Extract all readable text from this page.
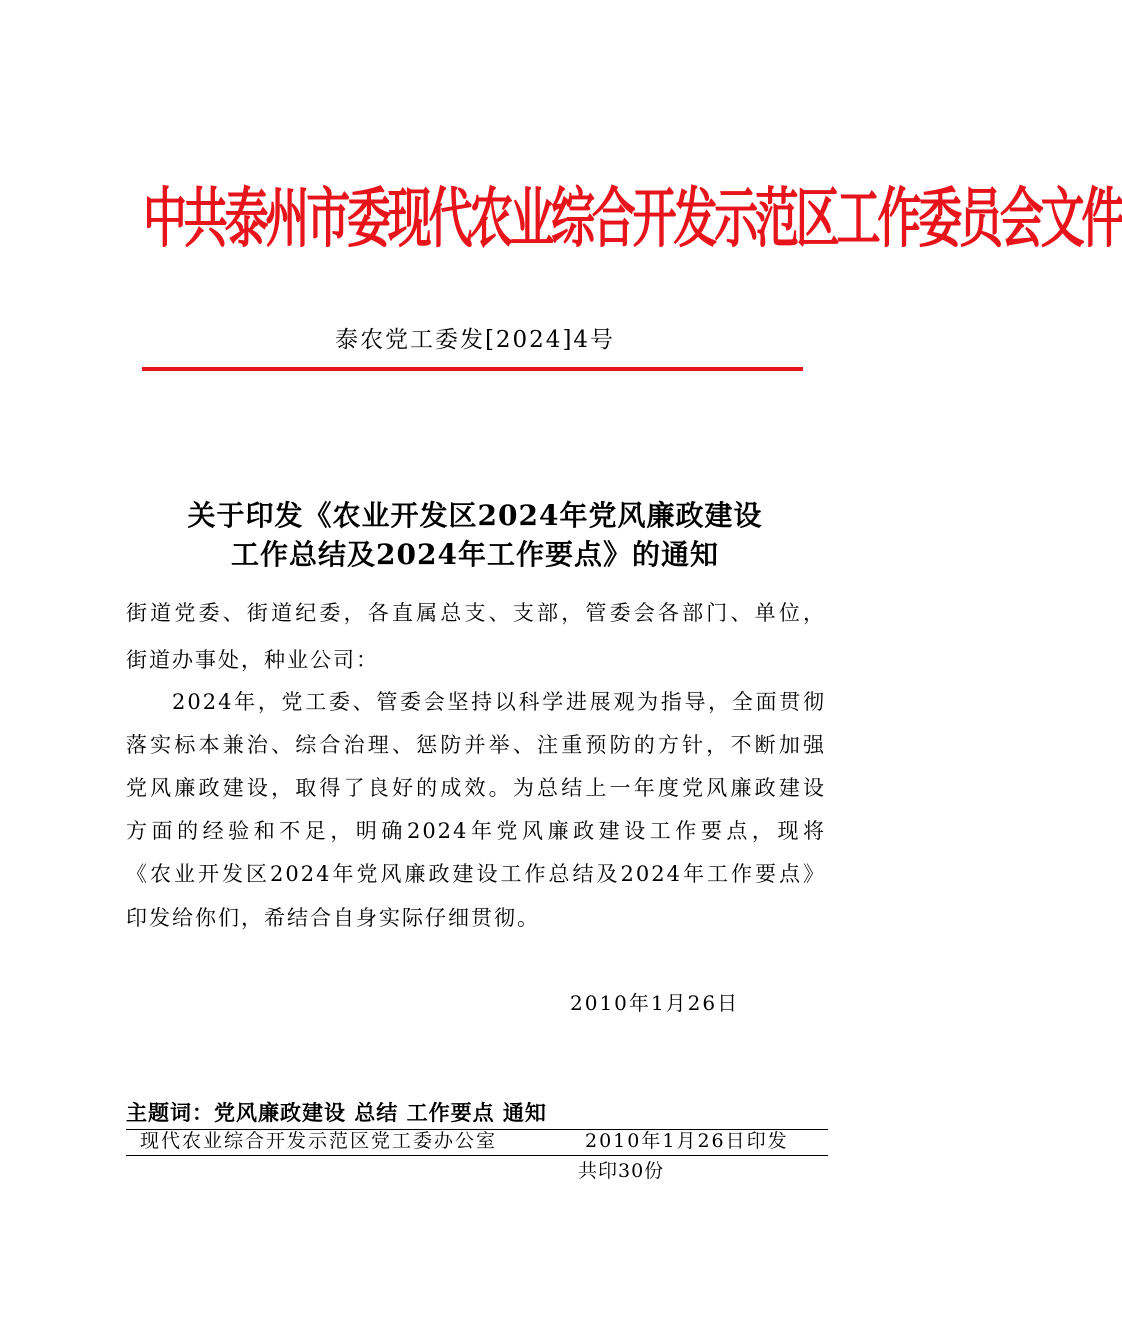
中共泰州市委现代农业综合开发示范区工作委员会文件
泰农党工委发[2024]4号
关于印发《农业开发区2024年党风廉政建设
工作总结及2024年工作要点》的通知
街道党委、街道纪委，各直属总支、支部，管委会各部门、单位，
街道办事处，种业公司：
2024年，党工委、管委会坚持以科学进展观为指导，全面贯彻
落实标本兼治、综合治理、惩防并举、注重预防的方针，不断加强
党风廉政建设，取得了良好的成效。为总结上一年度党风廉政建设
方面的经验和不足，明确2024年党风廉政建设工作要点，现将
《农业开发区2024年党风廉政建设工作总结及2024年工作要点》
印发给你们，希结合自身实际仔细贯彻。
2010年1月26日
主题词：党风廉政建设 总结 工作要点 通知
现代农业综合开发示范区党工委办公室	2010年1月26日印发
共印30份
